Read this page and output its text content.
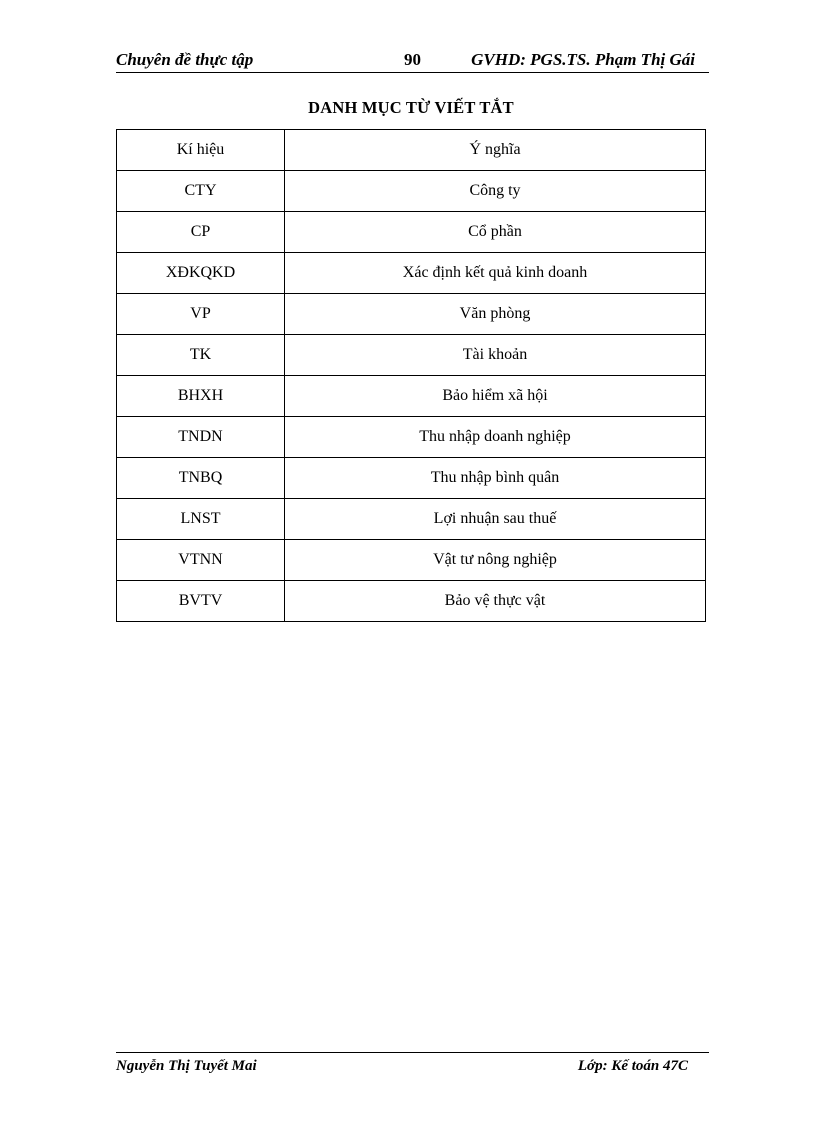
Chuyên đề thực tập	90	GVHD: PGS.TS. Phạm Thị Gái
DANH MỤC TỪ VIẾT TẮT
Kí hiệu	Ý nghĩa
CTY	Công ty
CP	Cổ phần
XĐKQKD	Xác định kết quả kinh doanh
VP	Văn phòng
TK	Tài khoản
BHXH	Bảo hiểm xã hội
TNDN	Thu nhập doanh nghiệp
TNBQ	Thu nhập bình quân
LNST	Lợi nhuận sau thuế
VTNN	Vật tư nông nghiệp
BVTV	Bảo vệ thực vật
Nguyễn Thị Tuyết Mai	Lớp: Kế toán 47C
